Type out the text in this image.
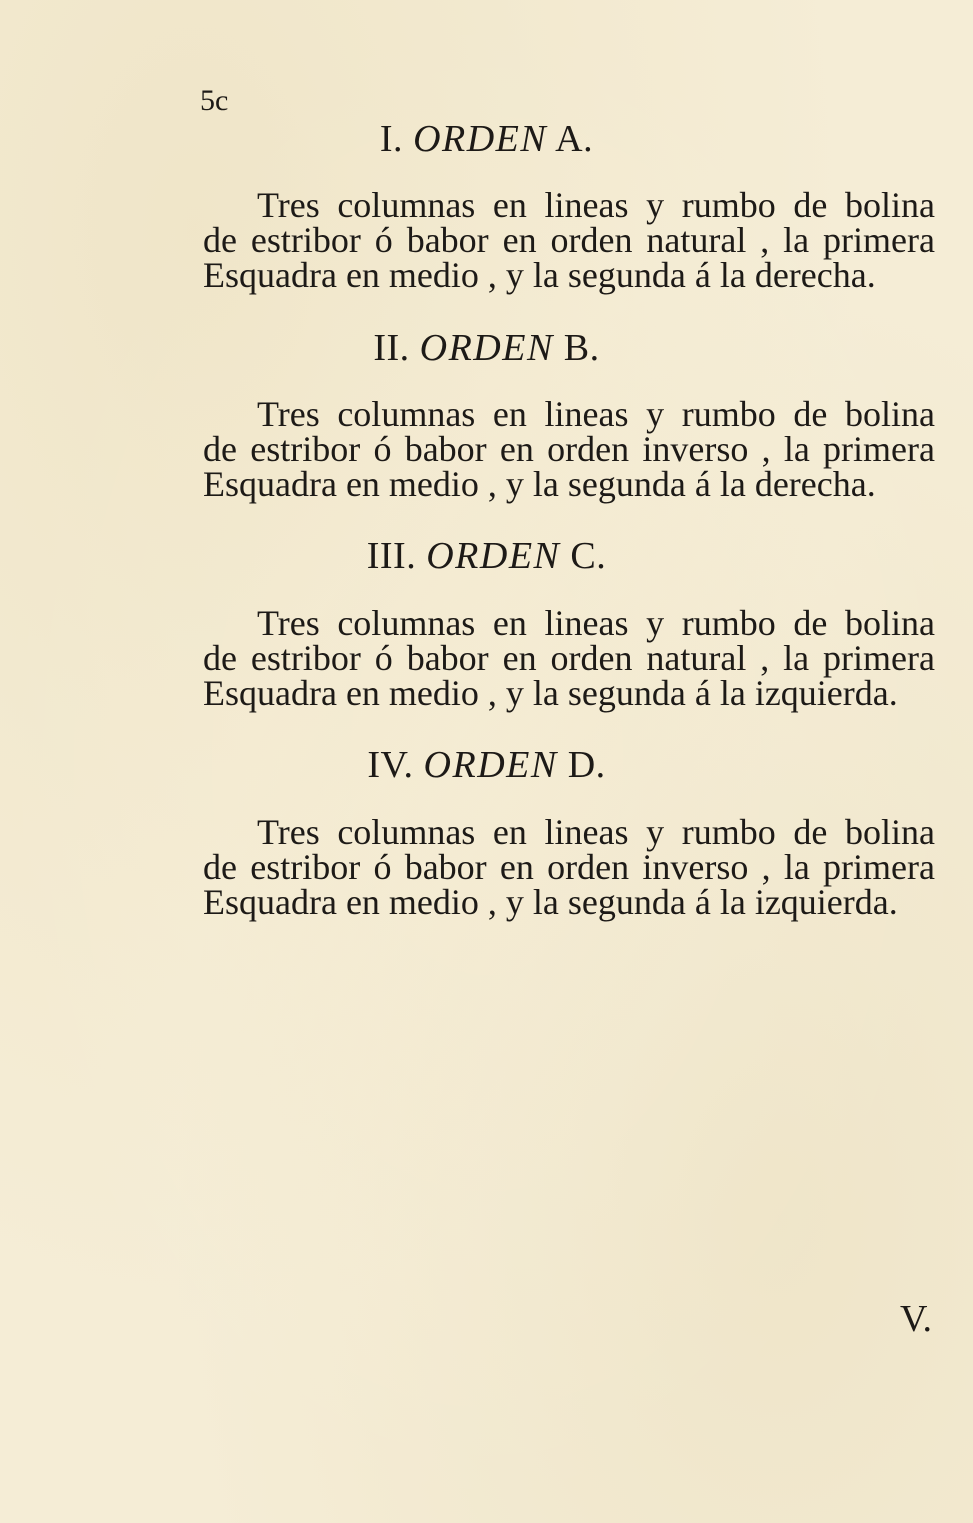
5c
I. ORDEN A.
Tres columnas en lineas y rumbo de bolina
de estribor ó babor en orden natural , la primera
Esquadra en medio , y la segunda á la derecha.
II. ORDEN B.
Tres columnas en lineas y rumbo de bolina
de estribor ó babor en orden inverso , la primera
Esquadra en medio , y la segunda á la derecha.
III. ORDEN C.
Tres columnas en lineas y rumbo de bolina
de estribor ó babor en orden natural , la primera
Esquadra en medio , y la segunda á la izquierda.
IV. ORDEN D.
Tres columnas en lineas y rumbo de bolina
de estribor ó babor en orden inverso , la primera
Esquadra en medio , y la segunda á la izquierda.
V.
